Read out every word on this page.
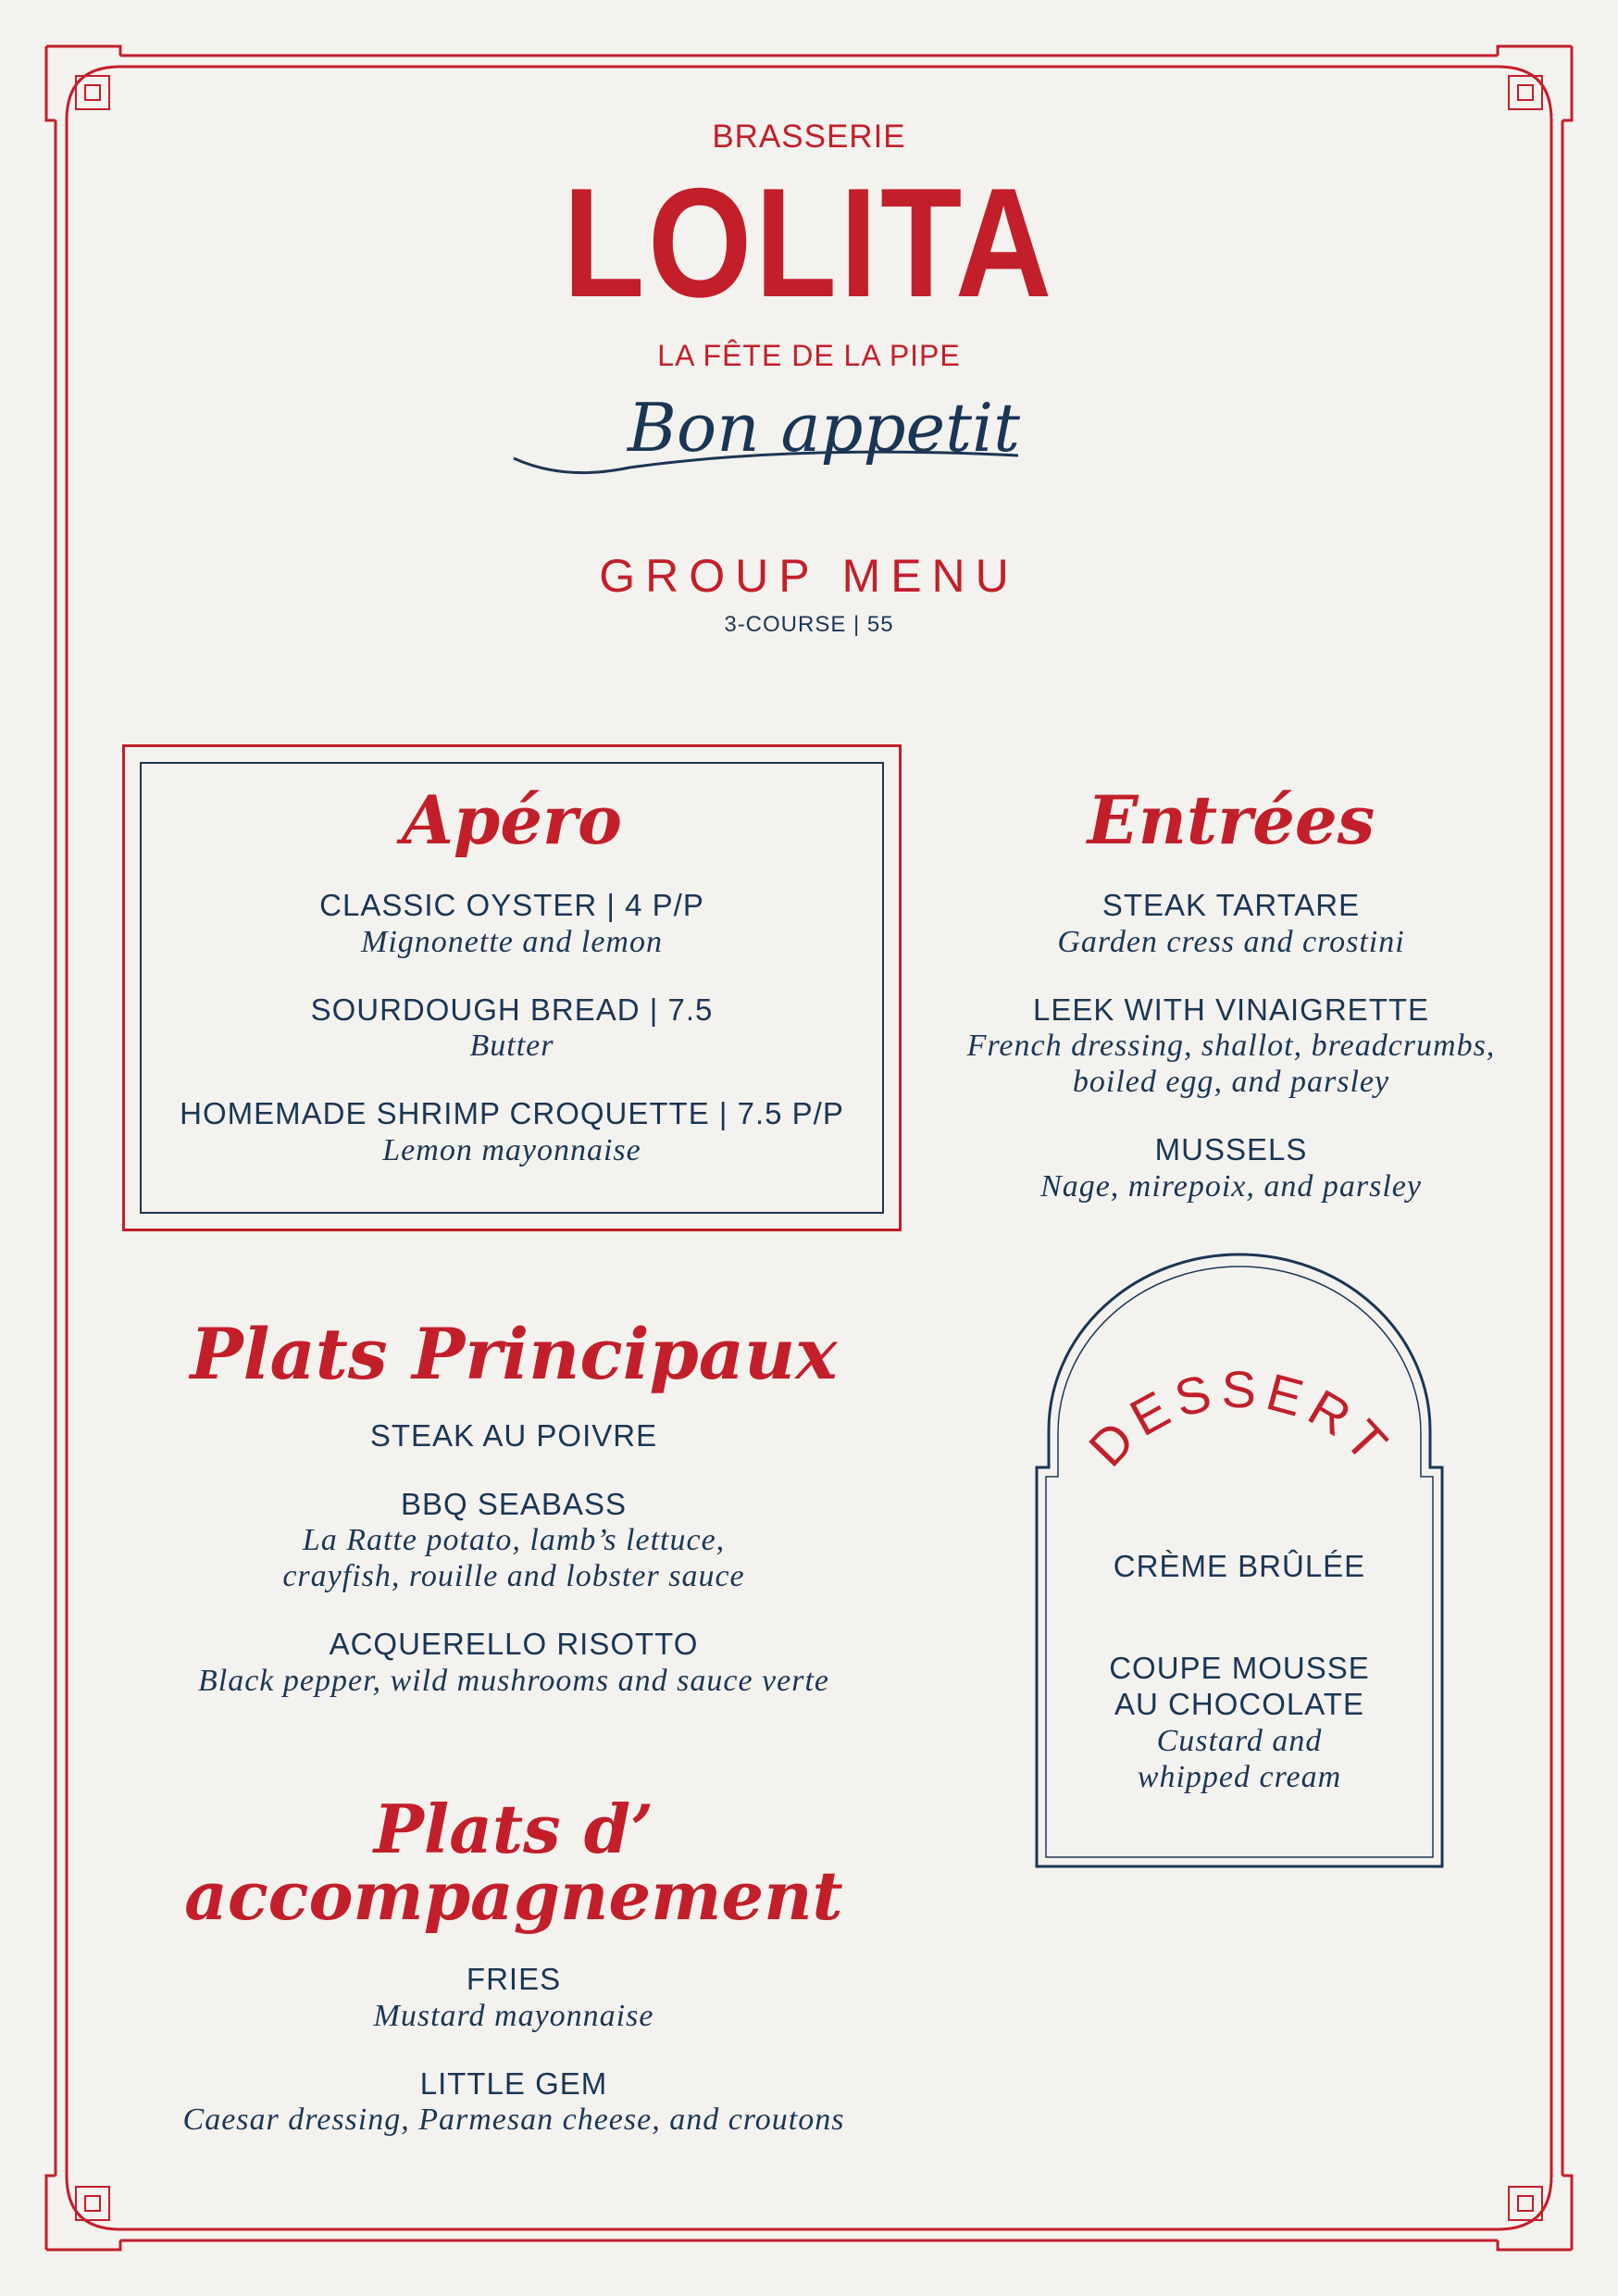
DESSERT
BRASSERIE
LOLITA
LA FÊTE DE LA PIPE
Bon appetit
GROUP MENU
3-COURSE | 55
Apéro
CLASSIC OYSTER | 4 P/P
Mignonette and lemon
SOURDOUGH BREAD | 7.5
Butter
HOMEMADE SHRIMP CROQUETTE | 7.5 P/P
Lemon mayonnaise
Entrées
STEAK TARTARE
Garden cress and crostini
LEEK WITH VINAIGRETTE
French dressing, shallot, breadcrumbs,
boiled egg, and parsley
MUSSELS
Nage, mirepoix, and parsley
Plats Principaux
STEAK AU POIVRE
BBQ SEABASS
La Ratte potato, lamb’s lettuce,
crayfish, rouille and lobster sauce
ACQUERELLO RISOTTO
Black pepper, wild mushrooms and sauce verte
Plats d’ accompagnement
FRIES
Mustard mayonnaise
LITTLE GEM
Caesar dressing, Parmesan cheese, and croutons
CRÈME BRÛLÉE
COUPE MOUSSE
AU CHOCOLATE
Custard and
whipped cream
